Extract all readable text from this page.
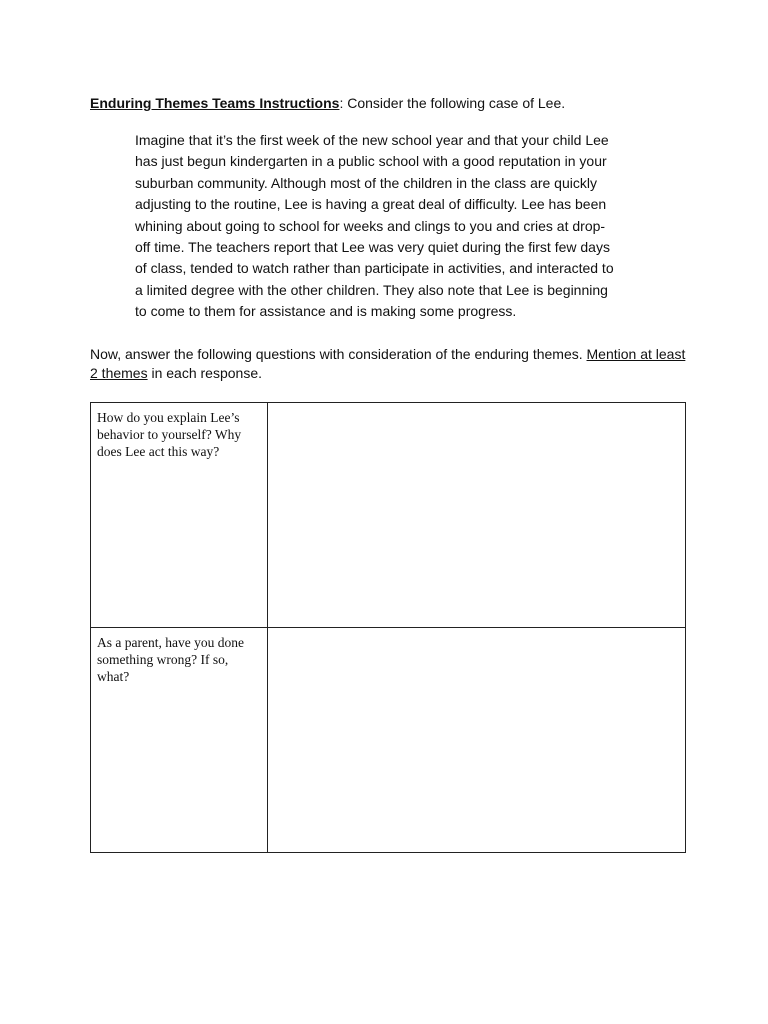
Enduring Themes Teams Instructions: Consider the following case of Lee.
Imagine that it’s the first week of the new school year and that your child Lee
has just begun kindergarten in a public school with a good reputation in your
suburban community. Although most of the children in the class are quickly
adjusting to the routine, Lee is having a great deal of difficulty. Lee has been
whining about going to school for weeks and clings to you and cries at drop-
off time. The teachers report that Lee was very quiet during the first few days
of class, tended to watch rather than participate in activities, and interacted to
a limited degree with the other children. They also note that Lee is beginning
to come to them for assistance and is making some progress.
Now, answer the following questions with consideration of the enduring themes. Mention at least 2 themes in each response.
How do you explain Lee’s behavior to yourself? Why does Lee act this way?	

As a parent, have you done something wrong? If so, what?	
